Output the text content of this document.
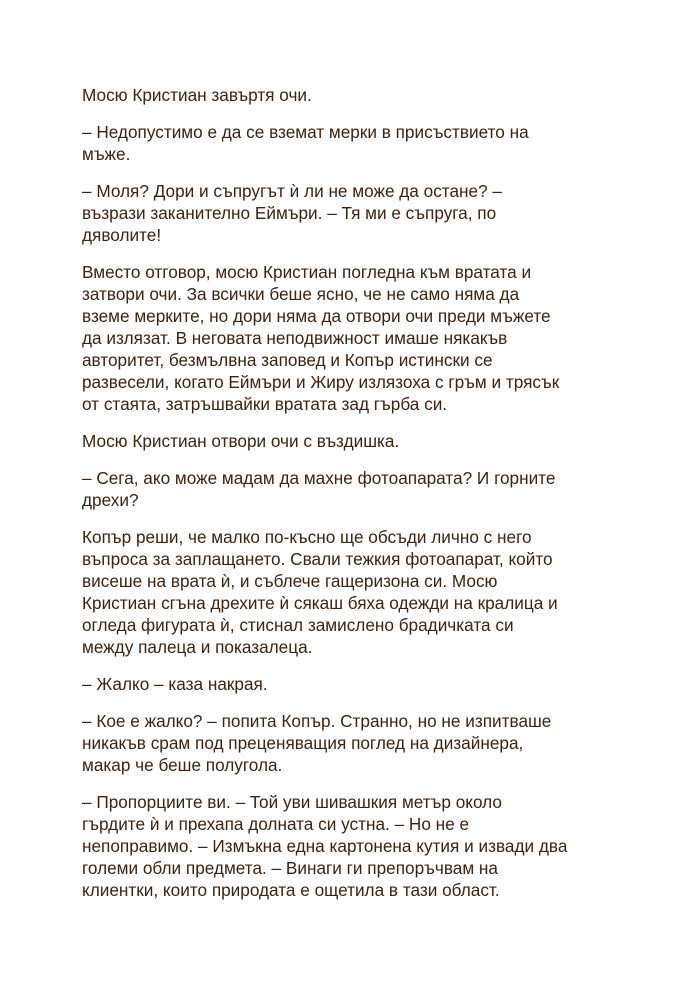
Мосю Кристиан завъртя очи.

– Недопустимо е да се вземат мерки в присъствието на
мъже.

– Моля? Дори и съпругът ѝ ли не може да остане? –
възрази заканително Еймъри. – Тя ми е съпруга, по
дяволите!

Вместо отговор, мосю Кристиан погледна към вратата и
затвори очи. За всички беше ясно, че не само няма да
вземе мерките, но дори няма да отвори очи преди мъжете
да излязат. В неговата неподвижност имаше някакъв
авторитет, безмълвна заповед и Копър истински се
развесели, когато Еймъри и Жиру излязоха с гръм и трясък
от стаята, затръшвайки вратата зад гърба си.

Мосю Кристиан отвори очи с въздишка.

– Сега, ако може мадам да махне фотоапарата? И горните
дрехи?

Копър реши, че малко по-късно ще обсъди лично с него
въпроса за заплащането. Свали тежкия фотоапарат, който
висеше на врата ѝ, и съблече гащеризона си. Мосю
Кристиан сгъна дрехите ѝ сякаш бяха одежди на кралица и
огледа фигурата ѝ, стиснал замислено брадичката си
между палеца и показалеца.

– Жалко – каза накрая.

– Кое е жалко? – попита Копър. Странно, но не изпитваше
никакъв срам под преценяващия поглед на дизайнера,
макар че беше полугола.

– Пропорциите ви. – Той уви шивашкия метър около
гърдите ѝ и прехапа долната си устна. – Но не е
непоправимо. – Измъкна една картонена кутия и извади два
големи обли предмета. – Винаги ги препоръчвам на
клиентки, които природата е ощетила в тази област.
